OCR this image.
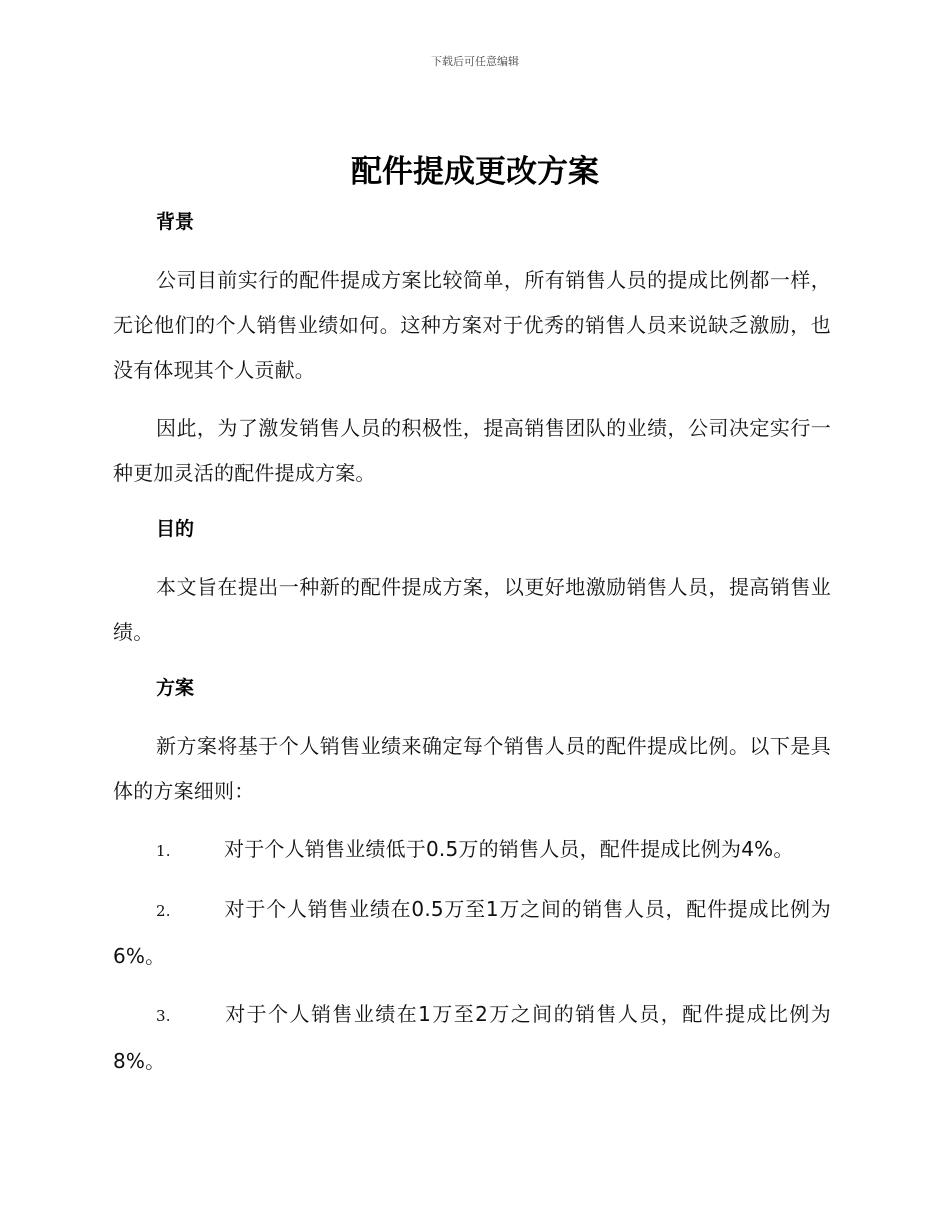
下载后可任意编辑
配件提成更改方案
背景

公司目前实行的配件提成方案比较简单，所有销售人员的提成比例都一样，无论他们的个人销售业绩如何。这种方案对于优秀的销售人员来说缺乏激励，也没有体现其个人贡献。

因此，为了激发销售人员的积极性，提高销售团队的业绩，公司决定实行一种更加灵活的配件提成方案。

目的

本文旨在提出一种新的配件提成方案，以更好地激励销售人员，提高销售业绩。

方案

新方案将基于个人销售业绩来确定每个销售人员的配件提成比例。以下是具体的方案细则：

1.	对于个人销售业绩低于0.5万的销售人员，配件提成比例为4%。

2.	对于个人销售业绩在0.5万至1万之间的销售人员，配件提成比例为6%。

3.	对于个人销售业绩在1万至2万之间的销售人员，配件提成比例为8%。
